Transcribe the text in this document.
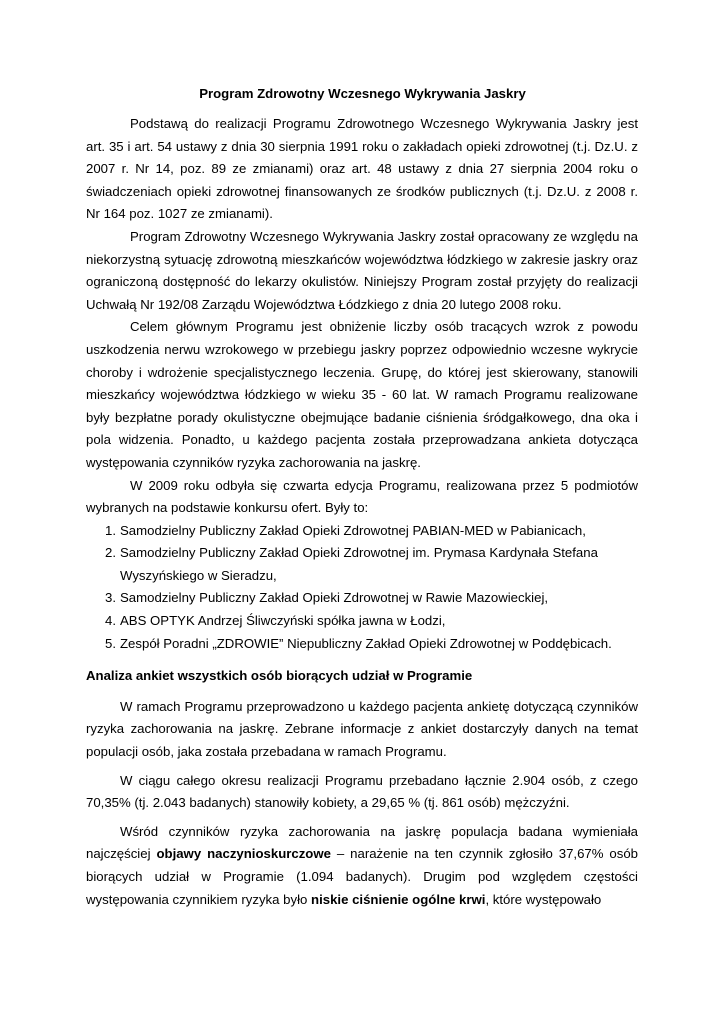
Program Zdrowotny Wczesnego Wykrywania Jaskry

Podstawą do realizacji Programu Zdrowotnego Wczesnego Wykrywania Jaskry jest art. 35 i art. 54 ustawy z dnia 30 sierpnia 1991 roku o zakładach opieki zdrowotnej (t.j. Dz.U. z 2007 r. Nr 14, poz. 89 ze zmianami) oraz art. 48 ustawy z dnia 27 sierpnia 2004 roku o świadczeniach opieki zdrowotnej finansowanych ze środków publicznych (t.j. Dz.U. z 2008 r. Nr 164 poz. 1027 ze zmianami).

Program Zdrowotny Wczesnego Wykrywania Jaskry został opracowany ze względu na niekorzystną sytuację zdrowotną mieszkańców województwa łódzkiego w zakresie jaskry oraz ograniczoną dostępność do lekarzy okulistów. Niniejszy Program został przyjęty do realizacji Uchwałą Nr 192/08 Zarządu Województwa Łódzkiego z dnia 20 lutego 2008 roku.

Celem głównym Programu jest obniżenie liczby osób tracących wzrok z powodu uszkodzenia nerwu wzrokowego w przebiegu jaskry poprzez odpowiednio wczesne wykrycie choroby i wdrożenie specjalistycznego leczenia. Grupę, do której jest skierowany, stanowili mieszkańcy województwa łódzkiego w wieku 35 - 60 lat. W ramach Programu realizowane były bezpłatne porady okulistyczne obejmujące badanie ciśnienia śródgałkowego, dna oka i pola widzenia. Ponadto, u każdego pacjenta została przeprowadzana ankieta dotycząca występowania czynników ryzyka zachorowania na jaskrę.

W 2009 roku odbyła się czwarta edycja Programu, realizowana przez 5 podmiotów wybranych na podstawie konkursu ofert. Były to:

1. Samodzielny Publiczny Zakład Opieki Zdrowotnej PABIAN-MED w Pabianicach,
2. Samodzielny Publiczny Zakład Opieki Zdrowotnej im. Prymasa Kardynała Stefana Wyszyńskiego w Sieradzu,
3. Samodzielny Publiczny Zakład Opieki Zdrowotnej w Rawie Mazowieckiej,
4. ABS OPTYK Andrzej Śliwczyński spółka jawna w Łodzi,
5. Zespół Poradni „ZDROWIE” Niepubliczny Zakład Opieki Zdrowotnej w Poddębicach.
Analiza ankiet wszystkich osób biorących udział w Programie

W ramach Programu przeprowadzono u każdego pacjenta ankietę dotyczącą czynników ryzyka zachorowania na jaskrę. Zebrane informacje z ankiet dostarczyły danych na temat populacji osób, jaka została przebadana w ramach Programu.

W ciągu całego okresu realizacji Programu przebadano łącznie 2.904 osób, z czego 70,35% (tj. 2.043 badanych) stanowiły kobiety, a 29,65 % (tj. 861 osób) mężczyźni.

Wśród czynników ryzyka zachorowania na jaskrę populacja badana wymieniała najczęściej objawy naczynioskurczowe – narażenie na ten czynnik zgłosiło 37,67% osób biorących udział w Programie (1.094 badanych). Drugim pod względem częstości występowania czynnikiem ryzyka było niskie ciśnienie ogólne krwi, które występowało
